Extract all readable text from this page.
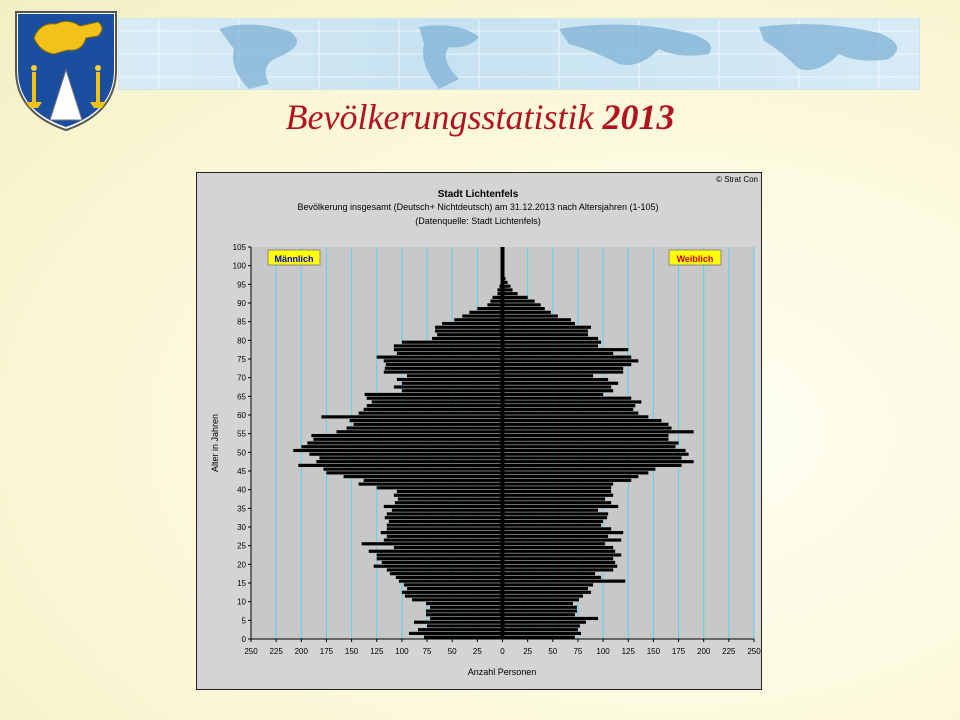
Bevölkerungsstatistik 2013
© Strat Con
Stadt Lichtenfels
Bevölkerung insgesamt (Deutsch+ Nichtdeutsch) am 31.12.2013 nach Altersjahren (1-105)
(Datenquelle: Stadt Lichtenfels)
0
5
10
15
20
25
30
35
40
45
50
55
60
65
70
75
80
85
90
95
100
105
250 225 200 175 150 125 100 75 50 25 0 25 50 75 100 125 150 175 200 225 250
Männlich	Weiblich
Alter in Jahren
Anzahl Personen
